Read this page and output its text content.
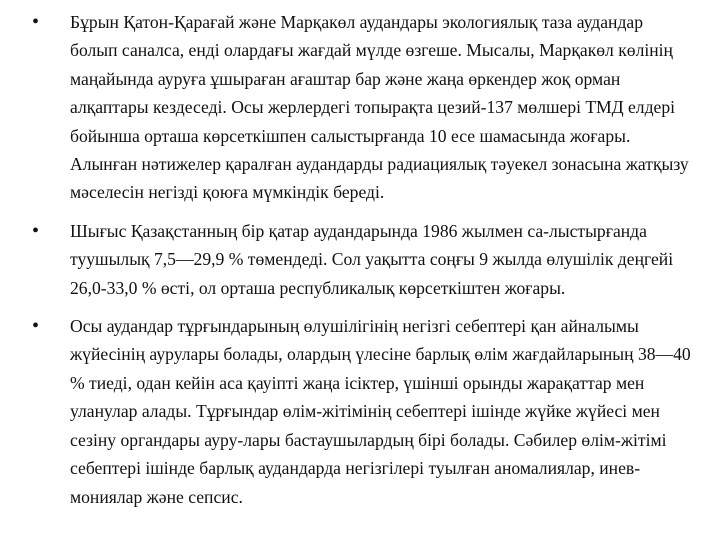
•	Бұрын Қатон-Қарағай және Марқакөл аудандары экологиялық таза аудандар болып саналса, енді олардағы жағдай мүлде өзгеше. Мысалы, Марқакөл көлінің маңайында ауруға ұшыраған ағаштар бар және жаңа өркендер жоқ орман алқаптары кездеседі. Осы жерлердегі топырақта цезий-137 мөлшері ТМД елдері бойынша орташа көрсеткішпен салыстырғанда 10 есе шамасында жоғары. Алынған нәтижелер қаралған аудандарды радиациялық тәуекел зонасына жатқызу мәселесін негізді қоюға мүмкіндік береді.

•	Шығыс Қазақстанның бір қатар аудандарында 1986 жылмен са-лыстырғанда туушылық 7,5—29,9 % төмендеді. Сол уақытта соңғы 9 жылда өлушілік деңгейі 26,0-33,0 % өсті, ол орташа республикалық көрсеткіштен жоғары.

•	Осы аудандар тұрғындарының өлушілігінің негізгі себептері қан айналымы жүйесінің аурулары болады, олардың үлесіне барлық өлім жағдайларының 38—40 % тиеді, одан кейін аса қауіпті жаңа ісіктер, үшінші орынды жарақаттар мен уланулар алады. Тұрғындар өлім-жітімінің себептері ішінде жүйке жүйесі мен сезіну органдары ауру-лары бастаушылардың бірі болады. Сәбилер өлім-жітімі себептері ішінде барлық аудандарда негізгілері туылған аномалиялар, инев-мониялар және сепсис.
